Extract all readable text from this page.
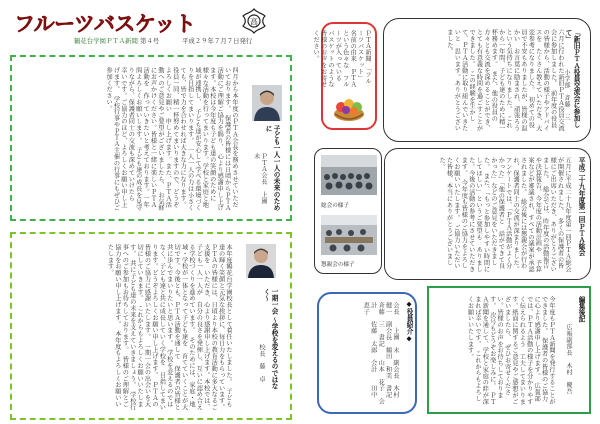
フルーツバスケット	高
鶴花台学園ＰＴＡ新聞 第４号	平成２９年７月７日発行
四月から本年度のＰＴＡ会長を務めさせていただいております。　保護者の皆様には日頃からＰＴＡ活動にご理解ご協力を賜り、　心より感謝申し上げます。本校は今年度も子ども達の笑顔のために　様々な活動を行ってまいります。学校と家庭と地域が連携し、　子ども達が安心して学べる環境づくりを目指してまいります。　一人一人の力は小さくても、皆で力を合わせれば大きな力になります。　役員一同、精一杯努めてまいりますので、どうぞよろしくお願い　申し上げます。また、ＰＴＡ活動へのご意見やご要望がございましたら、　お気軽にお声かけください。皆様と一緒に楽しいＰＴＡ活動を　作っていきたいと考えております。一年間よろしくお願いします。　子ども達の成長を見守りながら、保護者同士の交流も深めていけたら　幸いです。ご協力のほど、よろしくお願い申し上げます。　学校行事やＰＴＡ主催の行事にもぜひご参加ください。
子ども一人一人の未来のために
ＰＴＡ会長　上園　未
本年度鶴花台学園校長として着任いたしました。　子ども達の輝く笑顔と元気な挨拶に、毎日力をもらっています。　ＰＴＡの皆様には、日頃より本校の教育活動に多大なるご支援を　いただき、心より感謝申し上げます。本校では、子ども一人一人が　自分の良さを発揮し、互いに認め合える学校づくりを進めています。　そのためには、家庭・地域・学校が一体となって子ども達を　育てていくことが大切です。今後とも、ＰＴＡ活動を通して　保護者の皆様と共に歩んでまいりたいと思います。　学校を変えるのではなく、子ども達と共に成長していく学校を　目指してまいります。どうぞよろしくお願い申し上げます。　ＰＴＡの皆様のご協力に感謝いたします。　一期一会の出会いを大切にしていきます。　これからもよろしくお願いいたします。　共に子ども達の未来を支えていきましょう。　学校行事へのご参加もお待ちしております。　皆様のご理解とご協力をお願い申し上げます。　本年度もよろしくお願いいたします。
一期一会 〜学校を変えるのではなく〜
校長　藤　卓
ＰＴＡ新聞　「フルーツバスケット」　名前の由来　ＰＴＡという色々な　フルーツが入っている　バスケットのような　皆様のお声をお寄せ　ください。	六月に行われた新旧ＰＴＡ役員交流会に参加しました。　前年度の役員の皆様から、活動の様子やアドバイスを　たくさん教えていただき、大変参考になりました。　初めての役員で不安もありましたが、皆様の温かい　お言葉に励まされ、頑張ろうという気持ちになりました。　これから一年間、子ども達のために精一杯務めます。　また、他の役員の方々とも交流を深めることができ、　とても有意義な時間を過ごすことができました。　この経験を生かして、ＰＴＡ活動に取り組んでいきたいと　思います。ありがとうございました。	「新旧ＰＴＡ役員交流会に参加して」
小学部　斉藤　三
総会の様子
懇親会の様子	五月に平成二十九年度第一回ＰＴＡ総会が開催されました。　多くの保護者の皆様にご出席いただき、ありがとうございました。　総会では、昨年度の活動報告や決算報告、今年度の活動計画や　予算案などが審議され、すべての議案が承認されました。　総会後には懇親会が行われ、保護者同士の交流が深まりました。　アンケートでは、「ＰＴＡ活動がよく分かった」「他の保護者と　話ができて良かった」などのご意見をいただきました。　また、「もっと参加しやすい時間にしてほしい」というご要望も　ありました。今後の活動の参考にさせていただきます。　今年度も皆様のご協力をよろしくお願いいたします。　ご協力いただいた皆様、本当にありがとうございました。	平成二十九年度第一回ＰＴＡ総会
◆役員紹介◆
会長　　上園　未　副会長　木村　健一　副会長　鶴田　和美　書記　　斉藤　三　書記　　山本　花子　会計　　佐藤　太郎　会計　　田中　恵子	今年度もＰＴＡ新聞を発行することができました。　保護者の皆様のご協力に心より感謝申し上げます。　広報部では、ＰＴＡ活動の様子を分かりやすく伝えられるよう　工夫してまいります。紙面に関するご意見やご感想がございましたら、　ぜひお寄せください。皆様のお声をお待ちしております。　次号もどうぞお楽しみに。　ＰＴＡ新聞を通して、学校と家庭の絆が深まれば幸いです。　これからもよろしくお願いいたします。	編集後記
広報副部長　木村　慶吾
